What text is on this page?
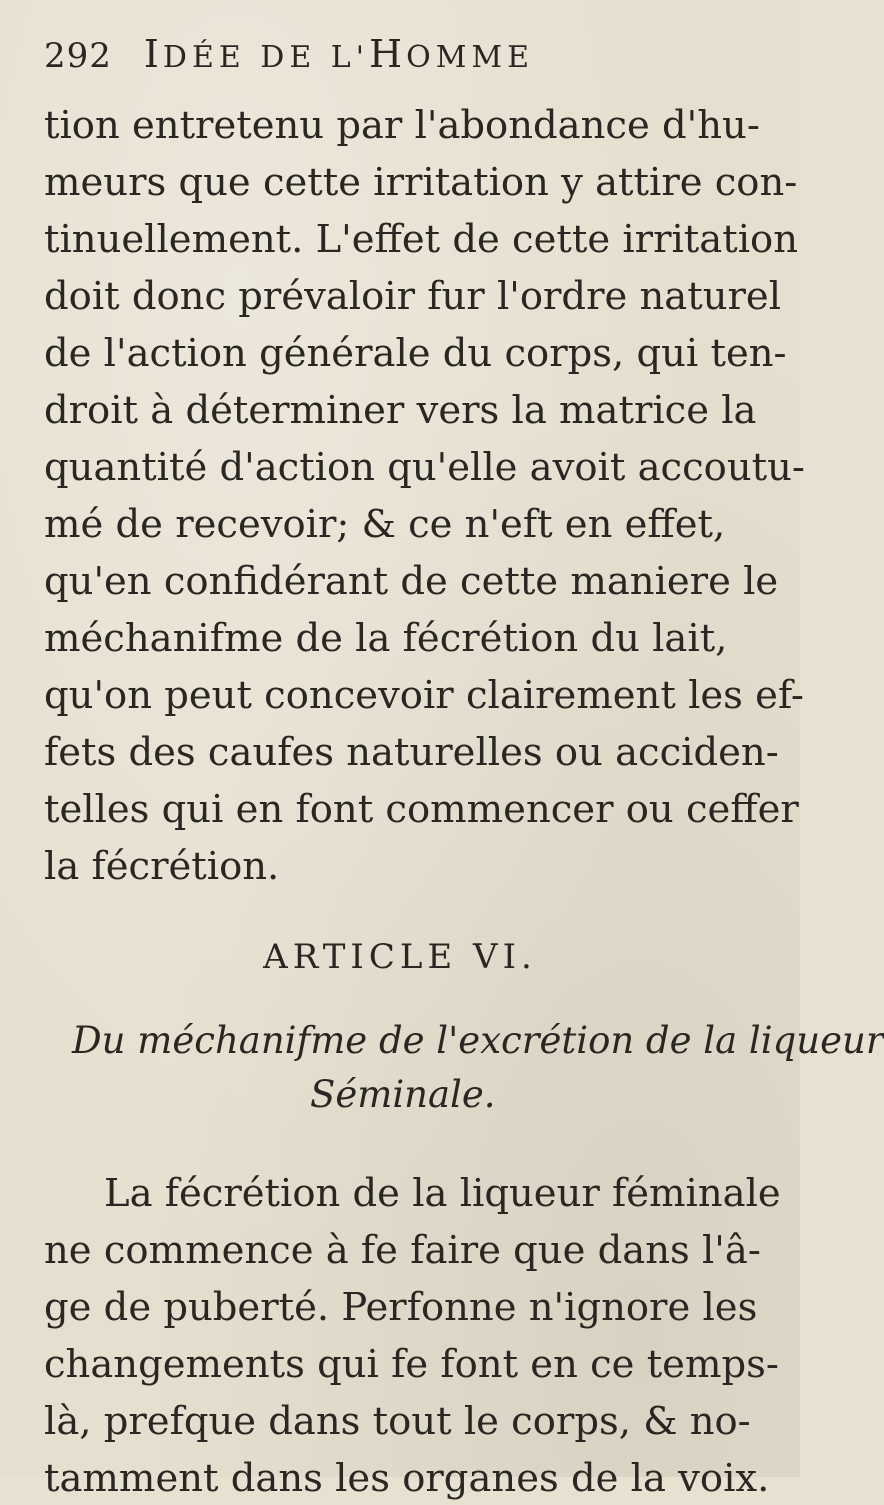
292 IDÉE DE L'HOMME
tion entretenu par l'abondance d'hu-
meurs que cette irritation y attire con-
tinuellement. L'effet de cette irritation
doit donc prévaloir fur l'ordre naturel
de l'action générale du corps, qui ten-
droit à déterminer vers la matrice la
quantité d'action qu'elle avoit accoutu-
mé de recevoir; & ce n'eft en effet,
qu'en confidérant de cette maniere le
méchanifme de la fécrétion du lait,
qu'on peut concevoir clairement les ef-
fets des caufes naturelles ou acciden-
telles qui en font commencer ou ceffer
la fécrétion.
ARTICLE VI.
Du méchanifme de l'excrétion de la liqueur
Séminale.
La fécrétion de la liqueur féminale
ne commence à fe faire que dans l'â-
ge de puberté. Perfonne n'ignore les
changements qui fe font en ce temps-
là, prefque dans tout le corps, & no-
tamment dans les organes de la voix.
